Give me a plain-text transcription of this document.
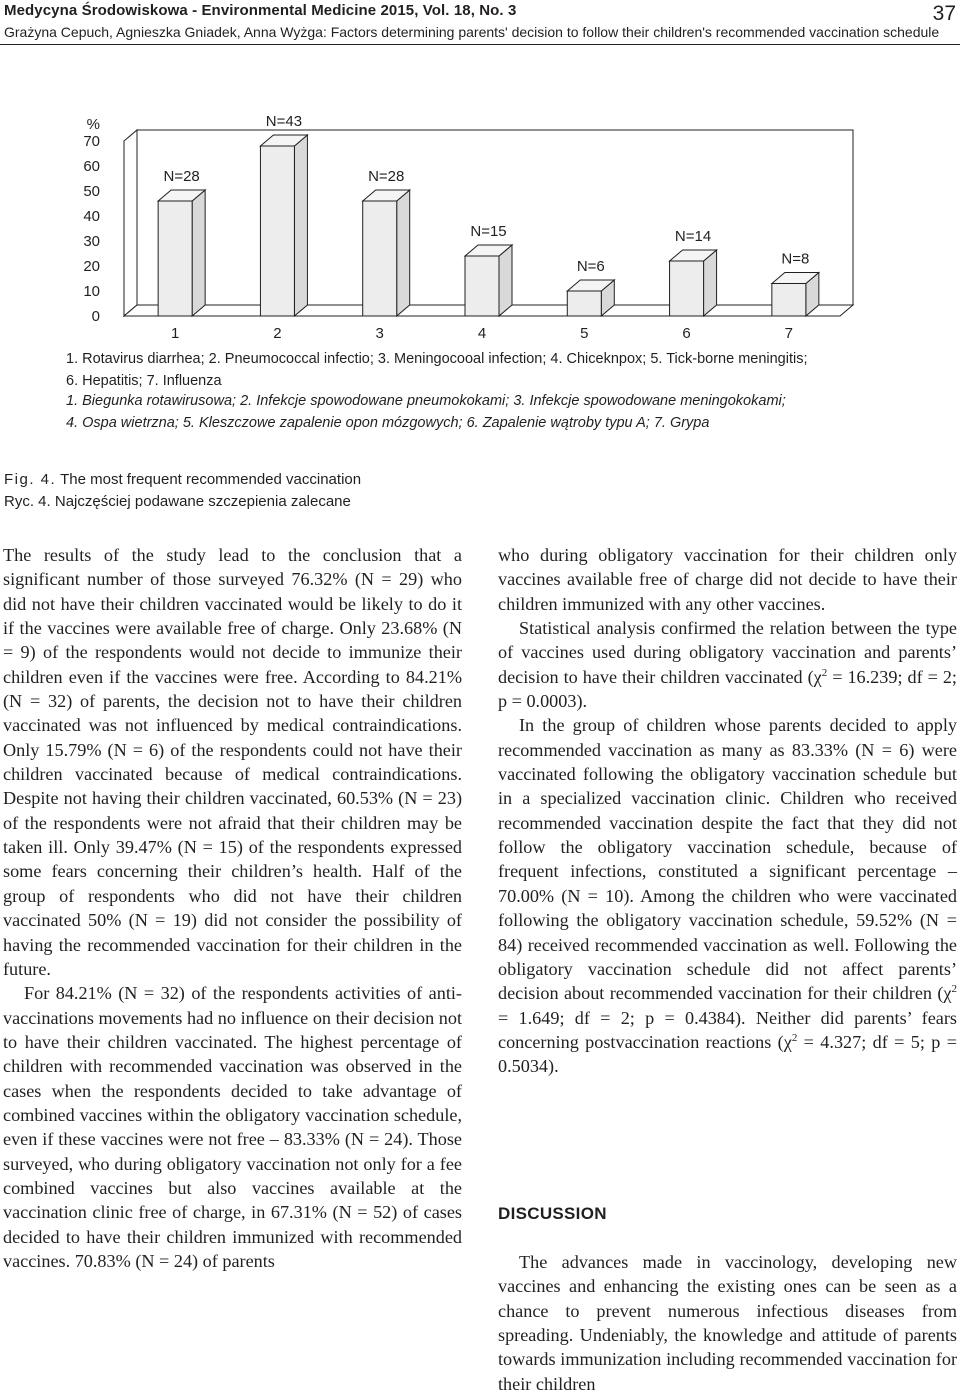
Medycyna Środowiskowa - Environmental Medicine 2015, Vol. 18, No. 3	37
Grażyna Cepuch, Agnieszka Gniadek, Anna Wyżga: Factors determining parents' decision to follow their children's recommended vaccination schedule
0
10
20
30
40
50
60
70
%
N=28
1
N=43
2
N=28
3
N=15
4
N=6
5
N=14
6
N=8
7
1. Rotavirus diarrhea; 2. Pneumococcal infectio; 3. Meningocooal infection; 4. Chiceknpox; 5. Tick-borne meningitis;
6. Hepatitis; 7. Influenza
1. Biegunka rotawirusowa; 2. Infekcje spowodowane pneumokokami; 3. Infekcje spowodowane meningokokami;
4. Ospa wietrzna; 5. Kleszczowe zapalenie opon mózgowych; 6. Zapalenie wątroby typu A; 7. Grypa
Fig. 4. The most frequent recommended vaccination
Ryc. 4. Najczęściej podawane szczepienia zalecane

The results of the study lead to the conclusion that a significant number of those surveyed 76.32% (N = 29) who did not have their children vaccinated would be likely to do it if the vaccines were available free of charge. Only 23.68% (N = 9) of the respondents would not decide to immunize their children even if the vaccines were free. According to 84.21% (N = 32) of parents, the decision not to have their children vaccinated was not influenced by medical contraindications. Only 15.79% (N = 6) of the respondents could not have their children vaccinated because of medical contraindications. Despite not having their children vaccinated, 60.53% (N = 23) of the respondents were not afraid that their children may be taken ill. Only 39.47% (N = 15) of the respondents expressed some fears concerning their children’s health. Half of the group of respondents who did not have their children vaccinated 50% (N = 19) did not consider the possibility of having the recommended vaccination for their children in the future.

For 84.21% (N = 32) of the respondents activities of anti-vaccinations movements had no influence on their decision not to have their children vaccinated. The highest percentage of children with recommended vaccination was observed in the cases when the respondents decided to take advantage of combined vaccines within the obligatory vaccination schedule, even if these vaccines were not free – 83.33% (N = 24). Those surveyed, who during obligatory vaccination not only for a fee combined vaccines but also vaccines available at the vaccination clinic free of charge, in 67.31% (N = 52) of cases decided to have their children immunized with recommended vaccines. 70.83% (N = 24) of parents

who during obligatory vaccination for their children only vaccines available free of charge did not decide to have their children immunized with any other vaccines.

Statistical analysis confirmed the relation between the type of vaccines used during obligatory vaccination and parents’ decision to have their children vaccinated ($\chi^2 = 16.239$; df = 2; p = 0.0003).

In the group of children whose parents decided to apply recommended vaccination as many as 83.33% (N = 6) were vaccinated following the obligatory vaccination schedule but in a specialized vaccination clinic. Children who received recommended vaccination despite the fact that they did not follow the obligatory vaccination schedule, because of frequent infections, constituted a significant percentage – 70.00% (N = 10). Among the children who were vaccinated following the obligatory vaccination schedule, 59.52% (N = 84) received recommended vaccination as well. Following the obligatory vaccination schedule did not affect parents’ decision about recommended vaccination for their children ($\chi^2 = 1.649$; df = 2; p = 0.4384). Neither did parents’ fears concerning postvaccination reactions ($\chi^2 = 4.327$; df = 5; p = 0.5034).

DISCUSSION

The advances made in vaccinology, developing new vaccines and enhancing the existing ones can be seen as a chance to prevent numerous infectious diseases from spreading. Undeniably, the knowledge and attitude of parents towards immunization including recommended vaccination for their children
